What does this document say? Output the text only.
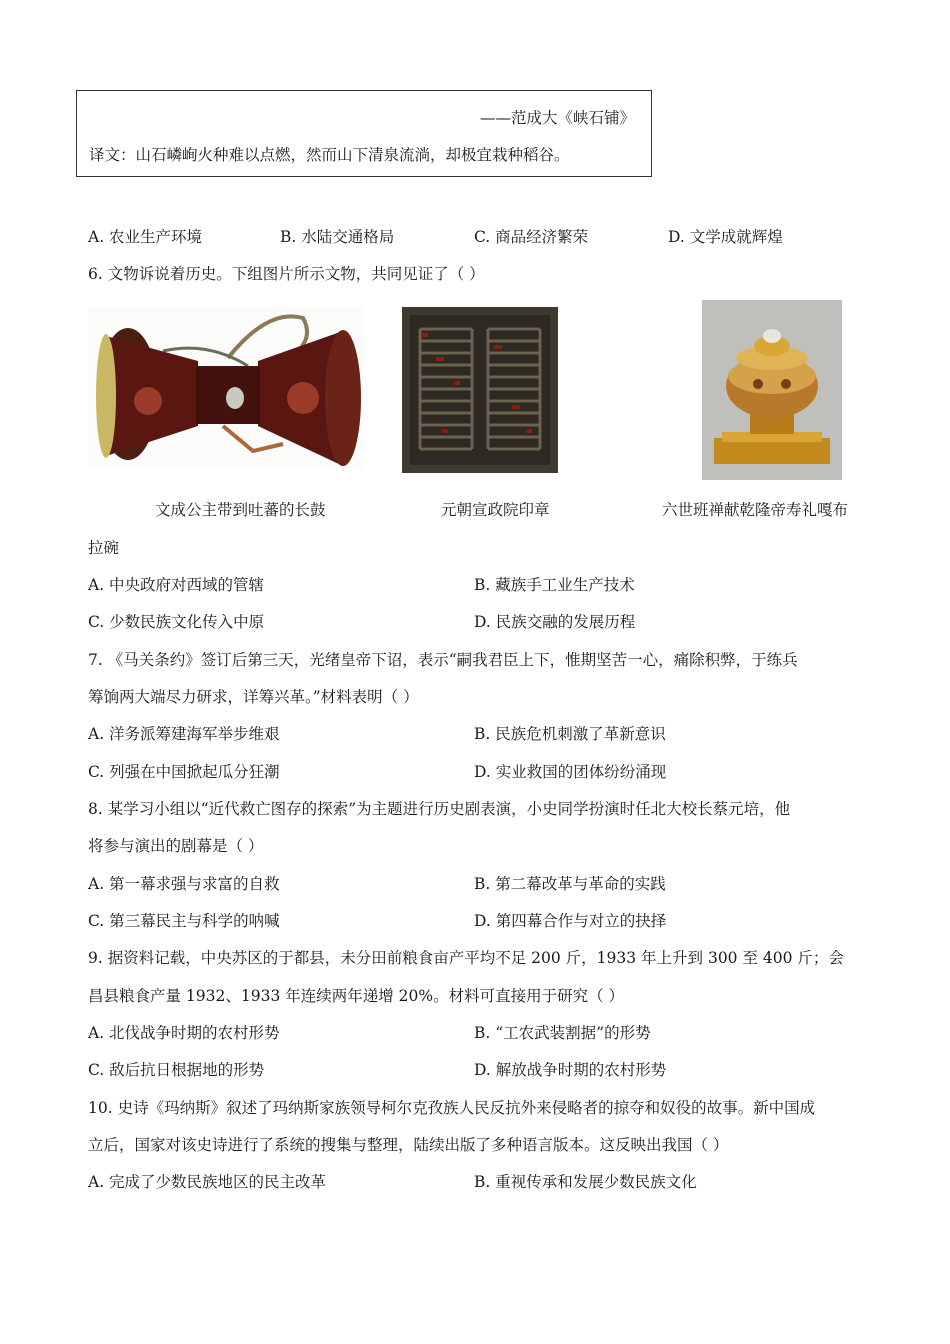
——范成大《峡石铺》
译文：山石嶙峋火种难以点燃，然而山下清泉流淌，却极宜栽种稻谷。
A. 农业生产环境	B. 水陆交通格局	C. 商品经济繁荣	D. 文学成就辉煌
6. 文物诉说着历史。下组图片所示文物，共同见证了（ ）
文成公主带到吐蕃的长鼓	元朝宣政院印章	六世班禅献乾隆帝寿礼嘎布
拉碗
A. 中央政府对西域的管辖	B. 藏族手工业生产技术
C. 少数民族文化传入中原	D. 民族交融的发展历程
7. 《马关条约》签订后第三天，光绪皇帝下诏，表示“嗣我君臣上下，惟期坚苦一心，痛除积弊，于练兵
筹饷两大端尽力研求，详筹兴革。”材料表明（ ）
A. 洋务派筹建海军举步维艰	B. 民族危机刺激了革新意识
C. 列强在中国掀起瓜分狂潮	D. 实业救国的团体纷纷涌现
8. 某学习小组以“近代救亡图存的探索”为主题进行历史剧表演，小史同学扮演时任北大校长蔡元培，他
将参与演出的剧幕是（ ）
A. 第一幕求强与求富的自救	B. 第二幕改革与革命的实践
C. 第三幕民主与科学的呐喊	D. 第四幕合作与对立的抉择
9. 据资料记载，中央苏区的于都县，未分田前粮食亩产平均不足 200 斤，1933 年上升到 300 至 400 斤；会
昌县粮食产量 1932、1933 年连续两年递增 20%。材料可直接用于研究（ ）
A. 北伐战争时期的农村形势	B. “工农武装割据”的形势
C. 敌后抗日根据地的形势	D. 解放战争时期的农村形势
10. 史诗《玛纳斯》叙述了玛纳斯家族领导柯尔克孜族人民反抗外来侵略者的掠夺和奴役的故事。新中国成
立后，国家对该史诗进行了系统的搜集与整理，陆续出版了多种语言版本。这反映出我国（ ）
A. 完成了少数民族地区的民主改革	B. 重视传承和发展少数民族文化
